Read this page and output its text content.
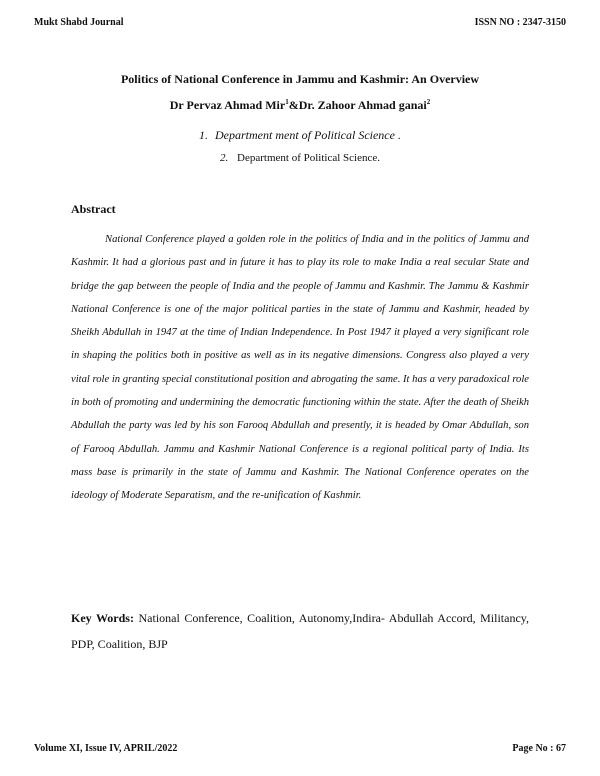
Mukt Shabd Journal	ISSN NO : 2347-3150
Politics of National Conference in Jammu and Kashmir: An Overview
Dr Pervaz Ahmad Mir$^1$&Dr. Zahoor Ahmad ganai$^2$
1. Department ment of Political Science .
2. Department of Political Science.
Abstract

National Conference played a golden role in the politics of India and in the politics of Jammu and Kashmir. It had a glorious past and in future it has to play its role to make India a real secular State and bridge the gap between the people of India and the people of Jammu and Kashmir. The Jammu & Kashmir National Conference is one of the major political parties in the state of Jammu and Kashmir, headed by Sheikh Abdullah in 1947 at the time of Indian Independence. In Post 1947 it played a very significant role in shaping the politics both in positive as well as in its negative dimensions. Congress also played a very vital role in granting special constitutional position and abrogating the same. It has a very paradoxical role in both of promoting and undermining the democratic functioning within the state. After the death of Sheikh Abdullah the party was led by his son Farooq Abdullah and presently, it is headed by Omar Abdullah, son of Farooq Abdullah. Jammu and Kashmir National Conference is a regional political party of India. Its mass base is primarily in the state of Jammu and Kashmir. The National Conference operates on the ideology of Moderate Separatism, and the re-unification of Kashmir.

Key Words: National Conference, Coalition, Autonomy,Indira- Abdullah Accord, Militancy, PDP, Coalition, BJP

Volume XI, Issue IV, APRIL/2022	Page No : 67
